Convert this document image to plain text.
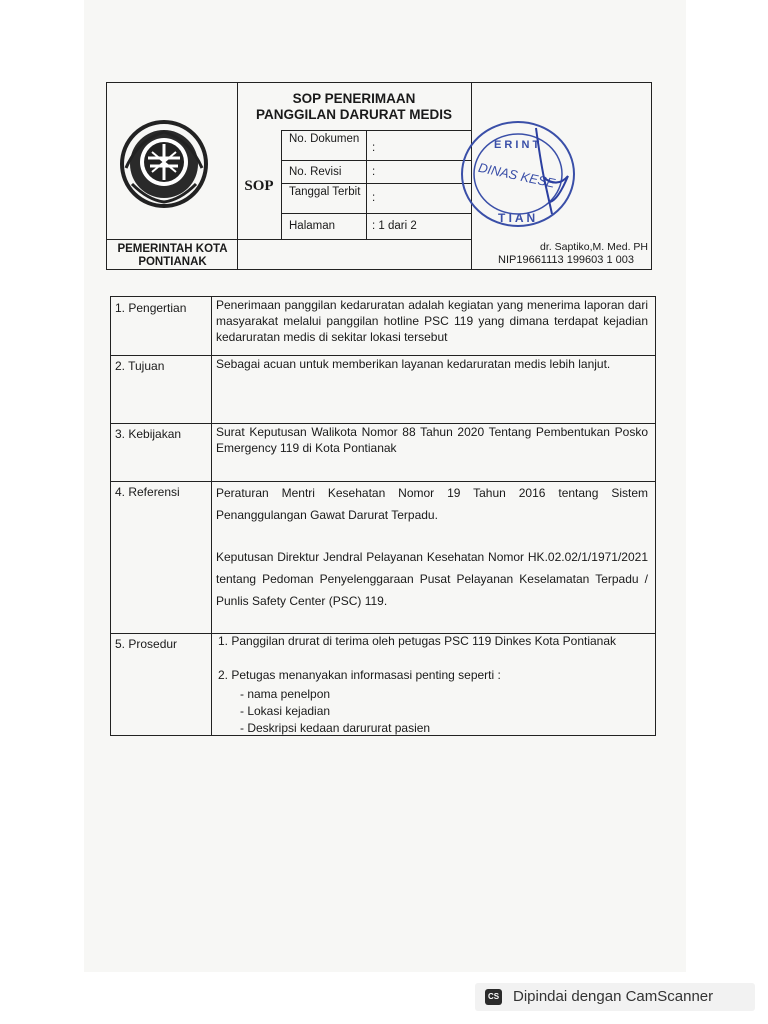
SOP PENERIMAAN
PANGGILAN DARURAT MEDIS
SOP
No. Dokumen
:
No. Revisi	:
Tanggal Terbit	:
Halaman	: 1 dari 2
PEMERINTAH KOTA
PONTIANAK
DINAS KESE
E R I N T
T I A N
dr. Saptiko,M. Med. PH
NIP19661113 199603 1 003
1. Pengertian Penerimaan panggilan kedaruratan adalah kegiatan yang menerima laporan dari masyarakat melalui panggilan hotline PSC 119 yang dimana terdapat kejadian kedaruratan medis di sekitar lokasi tersebut
2. Tujuan	Sebagai acuan untuk memberikan layanan kedaruratan medis lebih lanjut.
3. Kebijakan	Surat Keputusan Walikota Nomor 88 Tahun 2020 Tentang Pembentukan Posko Emergency 119 di Kota Pontianak
4. Referensi	Peraturan Mentri Kesehatan Nomor 19 Tahun 2016 tentang Sistem Penanggulangan Gawat Darurat Terpadu.
Keputusan Direktur Jendral Pelayanan Kesehatan Nomor HK.02.02/1/1971/2021 tentang Pedoman Penyelenggaraan Pusat Pelayanan Keselamatan Terpadu / Punlis Safety Center (PSC) 119.
5. Prosedur	1. Panggilan drurat di terima oleh petugas PSC 119 Dinkes Kota Pontianak
2. Petugas menanyakan informasasi penting seperti :
- nama penelpon
- Lokasi kejadian
- Deskripsi kedaan darururat pasien
CS Dipindai dengan CamScanner
